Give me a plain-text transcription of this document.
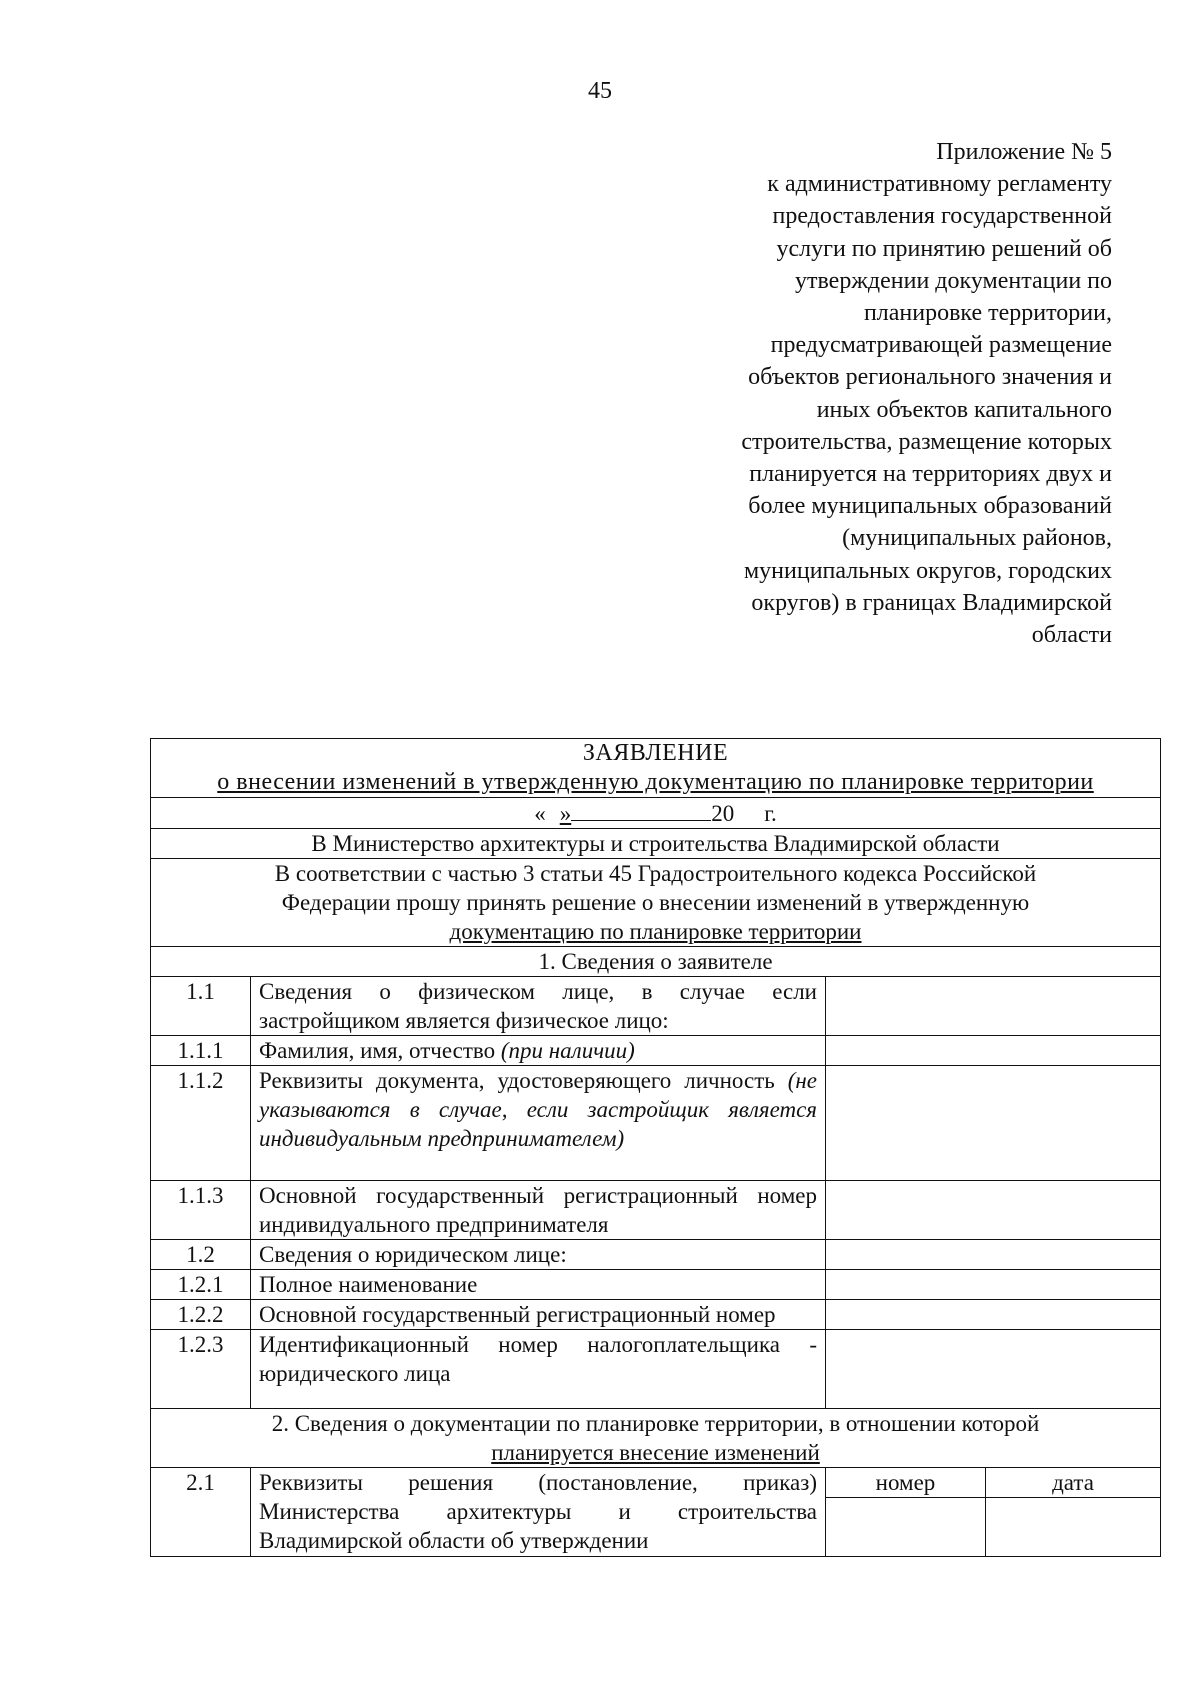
45
Приложение № 5
к административному регламенту
предоставления государственной
услуги по принятию решений об
утверждении документации по
планировке территории,
предусматривающей размещение
объектов регионального значения и
иных объектов капитального
строительства, размещение которых
планируется на территориях двух и
более муниципальных образований
(муниципальных районов,
муниципальных округов, городских
округов) в границах Владимирской
области
ЗАЯВЛЕНИЕ
о внесении изменений в утвержденную документацию по планировке территории			
« » 20 г.			
В Министерство архитектуры и строительства Владимирской области			
В соответствии с частью 3 статьи 45 Градостроительного кодекса Российской
Федерации прошу принять решение о внесении изменений в утвержденную
документацию по планировке территории			
1. Сведения о заявителе			
1.1	Сведения о физическом лице, в случае если застройщиком является физическое лицо:		
1.1.1	Фамилия, имя, отчество (при наличии)		
1.1.2	Реквизиты документа, удостоверяющего личность (не указываются в случае, если застройщик является индивидуальным предпринимателем)		
1.1.3	Основной государственный регистрационный номер индивидуального предпринимателя		
1.2	Сведения о юридическом лице:		
1.2.1	Полное наименование		
1.2.2	Основной государственный регистрационный номер		
1.2.3	Идентификационный номер налогоплательщика - юридического лица		
2. Сведения о документации по планировке территории, в отношении которой
планируется внесение изменений			
2.1	Реквизиты решения (постановление, приказ) Министерства архитектуры и строительства Владимирской области об утверждении	номер	дата
